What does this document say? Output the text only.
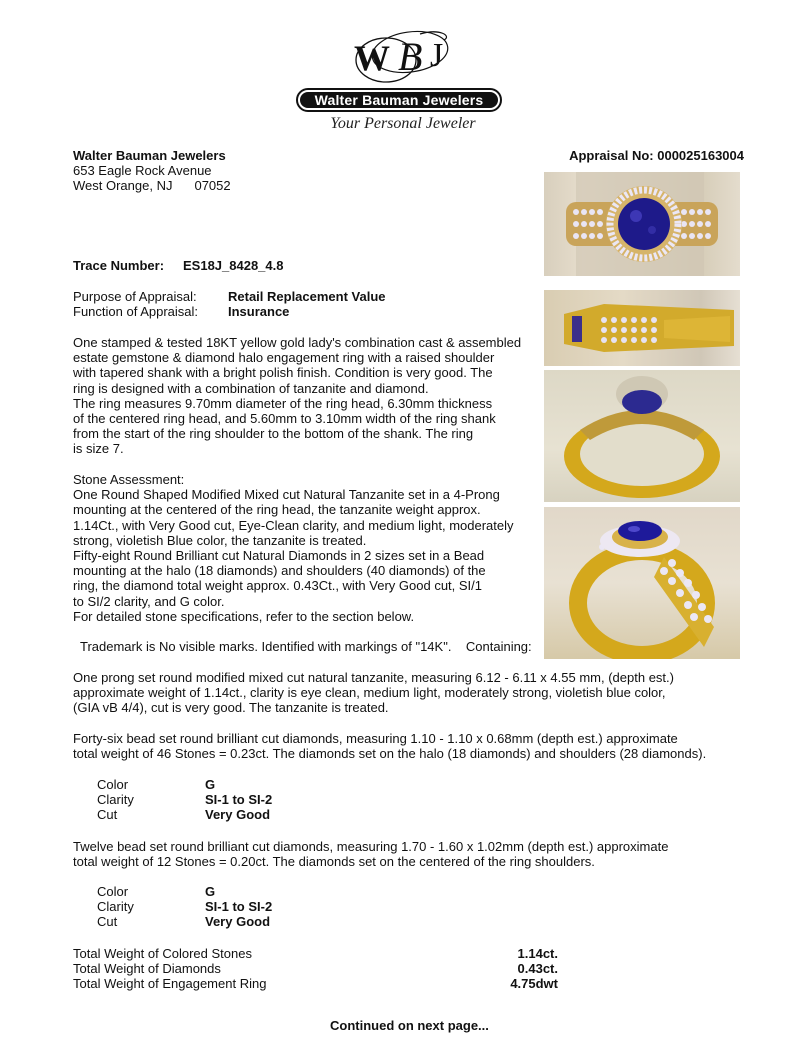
W B J
Walter Bauman Jewelers
Your Personal Jeweler
Walter Bauman Jewelers
653 Eagle Rock Avenue
West Orange, NJ 07052
Appraisal No: 000025163004
Trace Number: ES18J_8428_4.8
Purpose of Appraisal: Retail Replacement Value
Function of Appraisal: Insurance
One stamped & tested 18KT yellow gold lady's combination cast & assembled
estate gemstone & diamond halo engagement ring with a raised shoulder
with tapered shank with a bright polish finish. Condition is very good. The
ring is designed with a combination of tanzanite and diamond.
The ring measures 9.70mm diameter of the ring head, 6.30mm thickness
of the centered ring head, and 5.60mm to 3.10mm width of the ring shank
from the start of the ring shoulder to the bottom of the shank. The ring
is size 7.
Stone Assessment:
One Round Shaped Modified Mixed cut Natural Tanzanite set in a 4-Prong
mounting at the centered of the ring head, the tanzanite weight approx.
1.14Ct., with Very Good cut, Eye-Clean clarity, and medium light, moderately
strong, violetish Blue color, the tanzanite is treated.
Fifty-eight Round Brilliant cut Natural Diamonds in 2 sizes set in a Bead
mounting at the halo (18 diamonds) and shoulders (40 diamonds) of the
ring, the diamond total weight approx. 0.43Ct., with Very Good cut, SI/1
to SI/2 clarity, and G color.
For detailed stone specifications, refer to the section below.
Trademark is No visible marks. Identified with markings of "14K".    Containing:
One prong set round modified mixed cut natural tanzanite, measuring 6.12 - 6.11 x 4.55 mm, (depth est.)
approximate weight of 1.14ct., clarity is eye clean, medium light, moderately strong, violetish blue color,
(GIA vB 4/4), cut is very good. The tanzanite is treated.
Forty-six bead set round brilliant cut diamonds, measuring 1.10 - 1.10 x 0.68mm (depth est.) approximate
total weight of 46 Stones = 0.23ct. The diamonds set on the halo (18 diamonds) and shoulders (28 diamonds).
Color	G
Clarity	SI-1 to SI-2
Cut	Very Good
Twelve bead set round brilliant cut diamonds, measuring 1.70 - 1.60 x 1.02mm (depth est.) approximate
total weight of 12 Stones = 0.20ct. The diamonds set on the centered of the ring shoulders.
Color	G
Clarity	SI-1 to SI-2
Cut	Very Good
Total Weight of Colored Stones	1.14ct.
Total Weight of Diamonds	0.43ct.
Total Weight of Engagement Ring	4.75dwt
Continued on next page...
